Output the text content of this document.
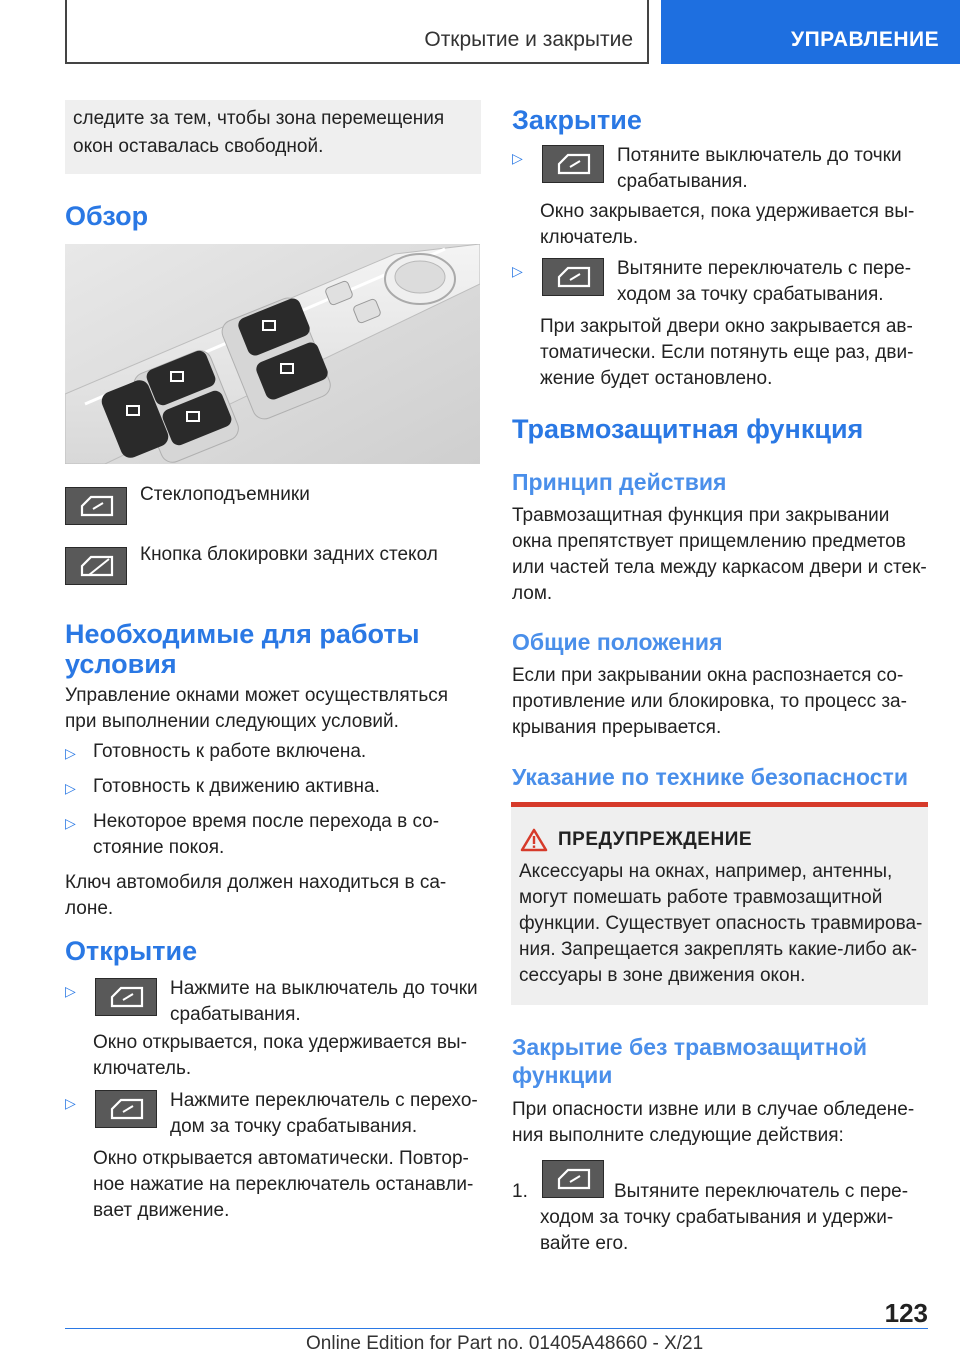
Открытие и закрытие	УПРАВЛЕНИЕ

следите за тем, чтобы зона перемещения

окон оставалась свободной.

Обзор

Стеклоподъемники

Кнопка блокировки задних стекол

Необходимые для работы
условия

Управление окнами может осуществляться

при выполнении следующих условий.

▷ Готовность к работе включена.

▷ Готовность к движению активна.

▷ Некоторое время после перехода в со-

стояние покоя.

Ключ автомобиля должен находиться в са-

лоне.

Открытие
▷	Нажмите на выключатель до точки

срабатывания.

Окно открывается, пока удерживается вы-

ключатель.

▷	Нажмите переключатель с перехо-

дом за точку срабатывания.

Окно открывается автоматически. Повтор-

ное нажатие на переключатель останавли-

вает движение.

Закрытие
▷	Потяните выключатель до точки

срабатывания.

Окно закрывается, пока удерживается вы-

ключатель.

▷	Вытяните переключатель с пере-

ходом за точку срабатывания.

При закрытой двери окно закрывается ав-

томатически. Если потянуть еще раз, дви-

жение будет остановлено.

Травмозащитная функция
Принцип действия

Травмозащитная функция при закрывании

окна препятствует прищемлению предметов

или частей тела между каркасом двери и стек-

лом.

Общие положения

Если при закрывании окна распознается со-

противление или блокировка, то процесс за-

крывания прерывается.

Указание по технике безопасности

ПРЕДУПРЕЖДЕНИЕ

Аксессуары на окнах, например, антенны,

могут помешать работе травмозащитной

функции. Существует опасность травмирова-

ния. Запрещается закреплять какие-либо ак-

сессуары в зоне движения окон.

Закрытие без травмозащитной
функции

При опасности извне или в случае обледене-

ния выполните следующие действия:

1.	Вытяните переключатель с пере-

ходом за точку срабатывания и удержи-

вайте его.

123
Online Edition for Part no. 01405A48660 - X/21
